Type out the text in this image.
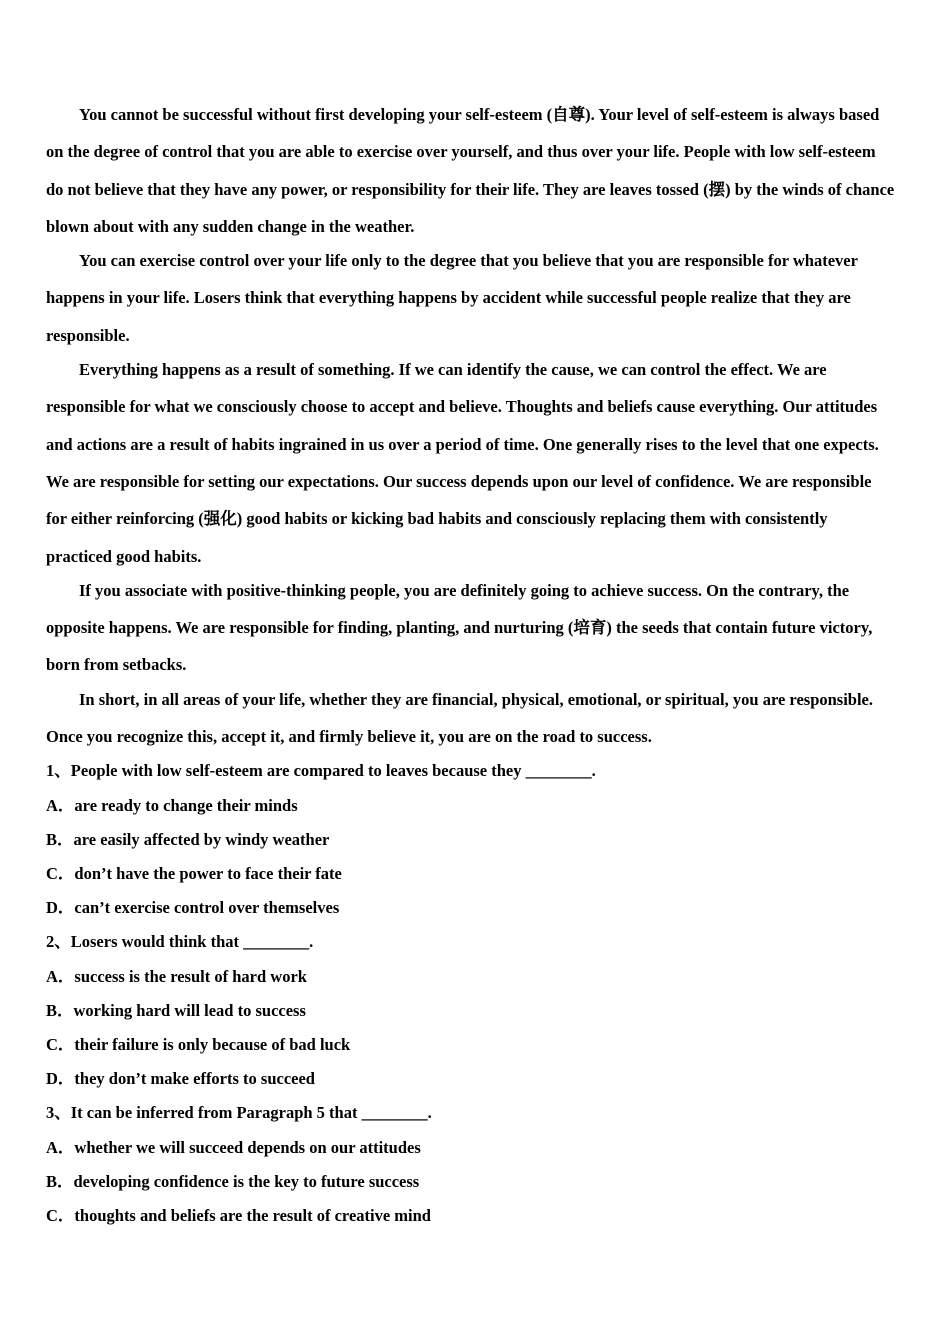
You cannot be successful without first developing your self-esteem (自尊). Your level of self-esteem is always based on the degree of control that you are able to exercise over yourself, and thus over your life. People with low self-esteem do not believe that they have any power, or responsibility for their life. They are leaves tossed (摆) by the winds of chance blown about with any sudden change in the weather.

You can exercise control over your life only to the degree that you believe that you are responsible for whatever happens in your life. Losers think that everything happens by accident while successful people realize that they are responsible.

Everything happens as a result of something. If we can identify the cause, we can control the effect. We are responsible for what we consciously choose to accept and believe. Thoughts and beliefs cause everything. Our attitudes and actions are a result of habits ingrained in us over a period of time. One generally rises to the level that one expects. We are responsible for setting our expectations. Our success depends upon our level of confidence. We are responsible for either reinforcing (强化) good habits or kicking bad habits and consciously replacing them with consistently practiced good habits.

If you associate with positive-thinking people, you are definitely going to achieve success. On the contrary, the opposite happens. We are responsible for finding, planting, and nurturing (培育) the seeds that contain future victory, born from setbacks.

In short, in all areas of your life, whether they are financial, physical, emotional, or spiritual, you are responsible. Once you recognize this, accept it, and firmly believe it, you are on the road to success.

1、People with low self-esteem are compared to leaves because they ________.

A．are ready to change their minds

B．are easily affected by windy weather

C．don’t have the power to face their fate

D．can’t exercise control over themselves

2、Losers would think that ________.

A．success is the result of hard work

B．working hard will lead to success

C．their failure is only because of bad luck

D．they don’t make efforts to succeed

3、It can be inferred from Paragraph 5 that ________.

A．whether we will succeed depends on our attitudes

B．developing confidence is the key to future success

C．thoughts and beliefs are the result of creative mind
